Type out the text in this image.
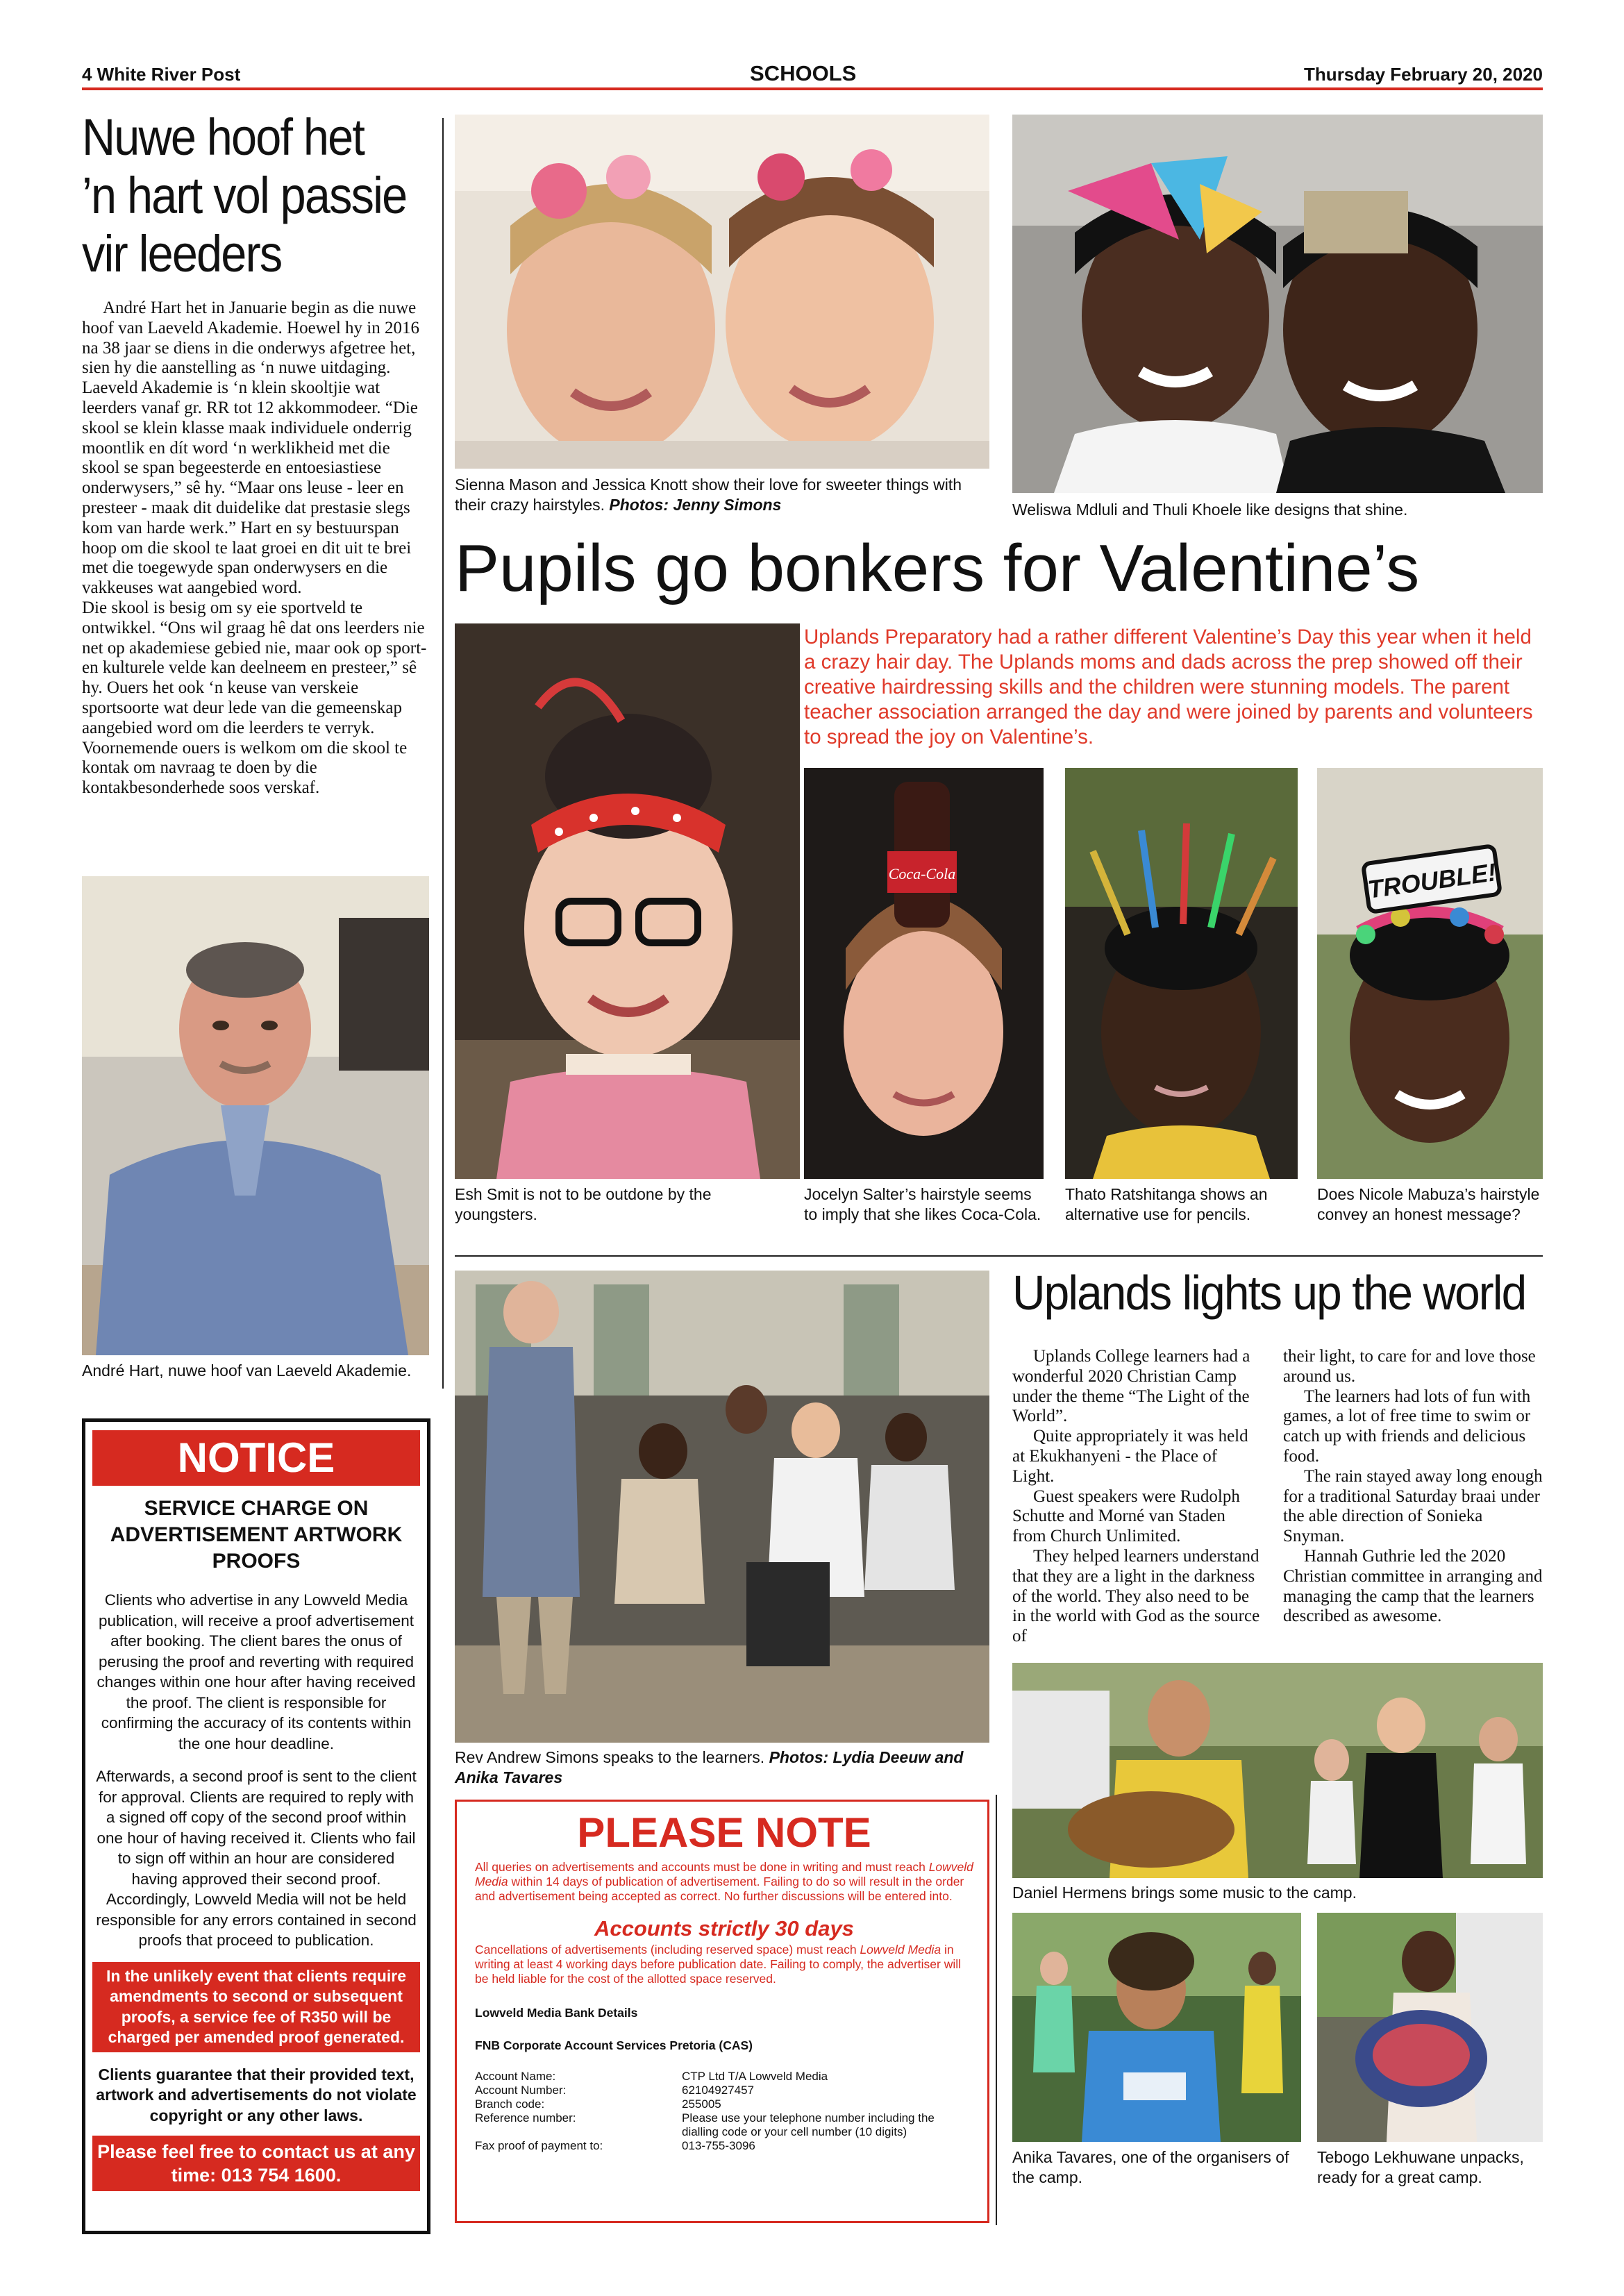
4 White River Post	SCHOOLS	Thursday February 20, 2020
Nuwe hoof het
’n hart vol passie
vir leeders

André Hart het in Januarie begin as die nuwe hoof van Laeveld Akademie. Hoewel hy in 2016 na 38 jaar se diens in die onderwys afgetree het, sien hy die aanstelling as ‘n nuwe uitdaging. Laeveld Akademie is ‘n klein skooltjie wat leerders vanaf gr. RR tot 12 akkommodeer. “Die skool se klein klasse maak individuele onderrig moontlik en dít word ‘n werklikheid met die skool se span begeesterde en entoesiastiese onderwysers,” sê hy. “Maar ons leuse - leer en presteer - maak dit duidelike dat prestasie slegs kom van harde werk.” Hart en sy bestuurspan hoop om die skool te laat groei en dit uit te brei met die toegewyde span onderwysers en die vakkeuses wat aangebied word.

Die skool is besig om sy eie sportveld te ontwikkel. “Ons wil graag hê dat ons leerders nie net op akademiese gebied nie, maar ook op sport- en kulturele velde kan deelneem en presteer,” sê hy. Ouers het ook ‘n keuse van verskeie sportsoorte wat deur lede van die gemeenskap aangebied word om die leerders te verryk. Voornemende ouers is welkom om die skool te kontak om navraag te doen by die kontakbesonderhede soos verskaf.

André Hart, nuwe hoof van Laeveld Akademie.
NOTICE
SERVICE CHARGE ON ADVERTISEMENT ARTWORK PROOFS
Clients who advertise in any Lowveld Media publication, will receive a proof advertisement after booking. The client bares the onus of perusing the proof and reverting with required changes within one hour after having received the proof. The client is responsible for confirming the accuracy of its contents within the one hour deadline.
Afterwards, a second proof is sent to the client for approval. Clients are required to reply with a signed off copy of the second proof within one hour of having received it. Clients who fail to sign off within an hour are considered having approved their second proof. Accordingly, Lowveld Media will not be held responsible for any errors contained in second proofs that proceed to publication.
In the unlikely event that clients require amendments to second or subsequent proofs, a service fee of R350 will be charged per amended proof generated.
Clients guarantee that their provided text, artwork and advertisements do not violate copyright or any other laws.
Please feel free to contact us at any time: 013 754 1600.
Sienna Mason and Jessica Knott show their love for sweeter things with their crazy hairstyles. Photos: Jenny Simons	Weliswa Mdluli and Thuli Khoele like designs that shine.
Pupils go bonkers for Valentine’s
Esh Smit is not to be outdone by the youngsters.
Uplands Preparatory had a rather different Valentine’s Day this year when it held a crazy hair day. The Uplands moms and dads across the prep showed off their creative hairdressing skills and the children were stunning models. The parent teacher association arranged the day and were joined by parents and volunteers to spread the joy on Valentine’s.
Coca-Cola
Jocelyn Salter’s hairstyle seems to imply that she likes Coca-Cola.
Thato Ratshitanga shows an alternative use for pencils.
TROUBLE!
Does Nicole Mabuza’s hairstyle convey an honest message?
Rev Andrew Simons speaks to the learners. Photos: Lydia Deeuw and Anika Tavares
Uplands lights up the world

Uplands College learners had a wonderful 2020 Christian Camp under the theme “The Light of the World”.

Quite appropriately it was held at Ekukhanyeni - the Place of Light.

Guest speakers were Rudolph Schutte and Morné van Staden from Church Unlimited.

They helped learners understand that they are a light in the darkness of the world. They also need to be in the world with God as the source of

their light, to care for and love those around us.

The learners had lots of fun with games, a lot of free time to swim or catch up with friends and delicious food.

The rain stayed away long enough for a traditional Saturday braai under the able direction of Sonieka Snyman.

Hannah Guthrie led the 2020 Christian committee in arranging and managing the camp that the learners described as awesome.

Daniel Hermens brings some music to the camp.
Anika Tavares, one of the organisers of the camp.
Tebogo Lekhuwane unpacks, ready for a great camp.
PLEASE NOTE
All queries on advertisements and accounts must be done in writing and must reach Lowveld Media within 14 days of publication of advertisement. Failing to do so will result in the order and advertisement being accepted as correct. No further discussions will be entered into.
Accounts strictly 30 days
Cancellations of advertisements (including reserved space) must reach Lowveld Media in writing at least 4 working days before publication date. Failing to comply, the advertiser will be held liable for the cost of the allotted space reserved.
Lowveld Media Bank Details
FNB Corporate Account Services Pretoria (CAS)
Account Name:	CTP Ltd T/A Lowveld Media
Account Number:	62104927457
Branch code:	255005
Reference number:	Please use your telephone number including the dialling code or your cell number (10 digits)
Fax proof of payment to:	013-755-3096
